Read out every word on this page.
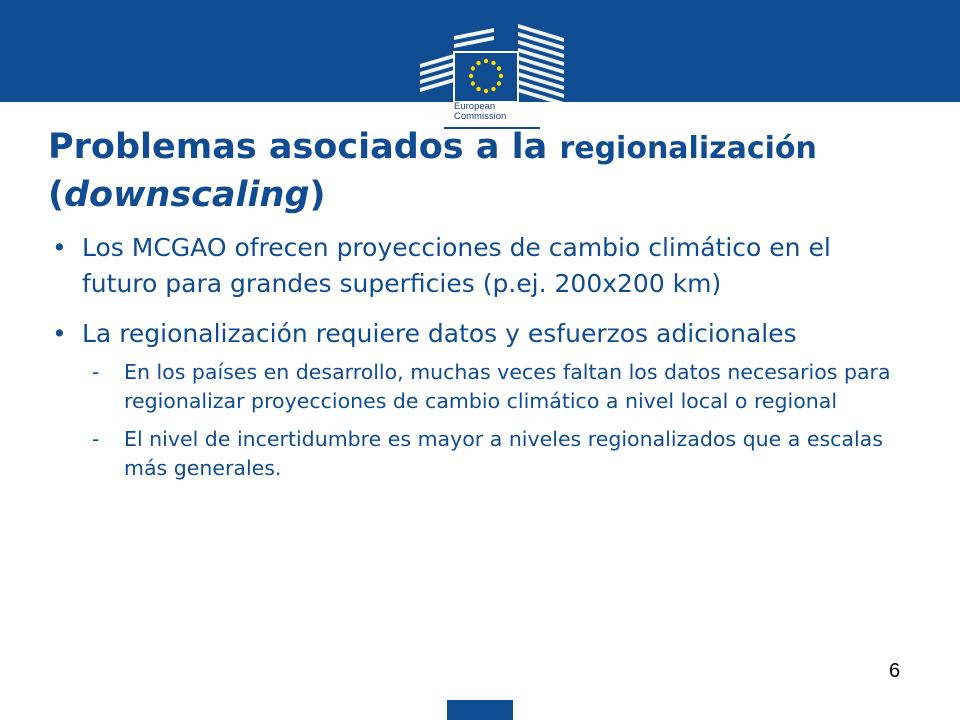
European
Commission
Problemas asociados a la regionalización
(downscaling)
• Los MCGAO ofrecen proyecciones de cambio climático en el futuro para grandes superficies (p.ej. 200x200 km)
• La regionalización requiere datos y esfuerzos adicionales
- En los países en desarrollo, muchas veces faltan los datos necesarios para regionalizar proyecciones de cambio climático a nivel local o regional
- El nivel de incertidumbre es mayor a niveles regionalizados que a escalas más generales.
6
